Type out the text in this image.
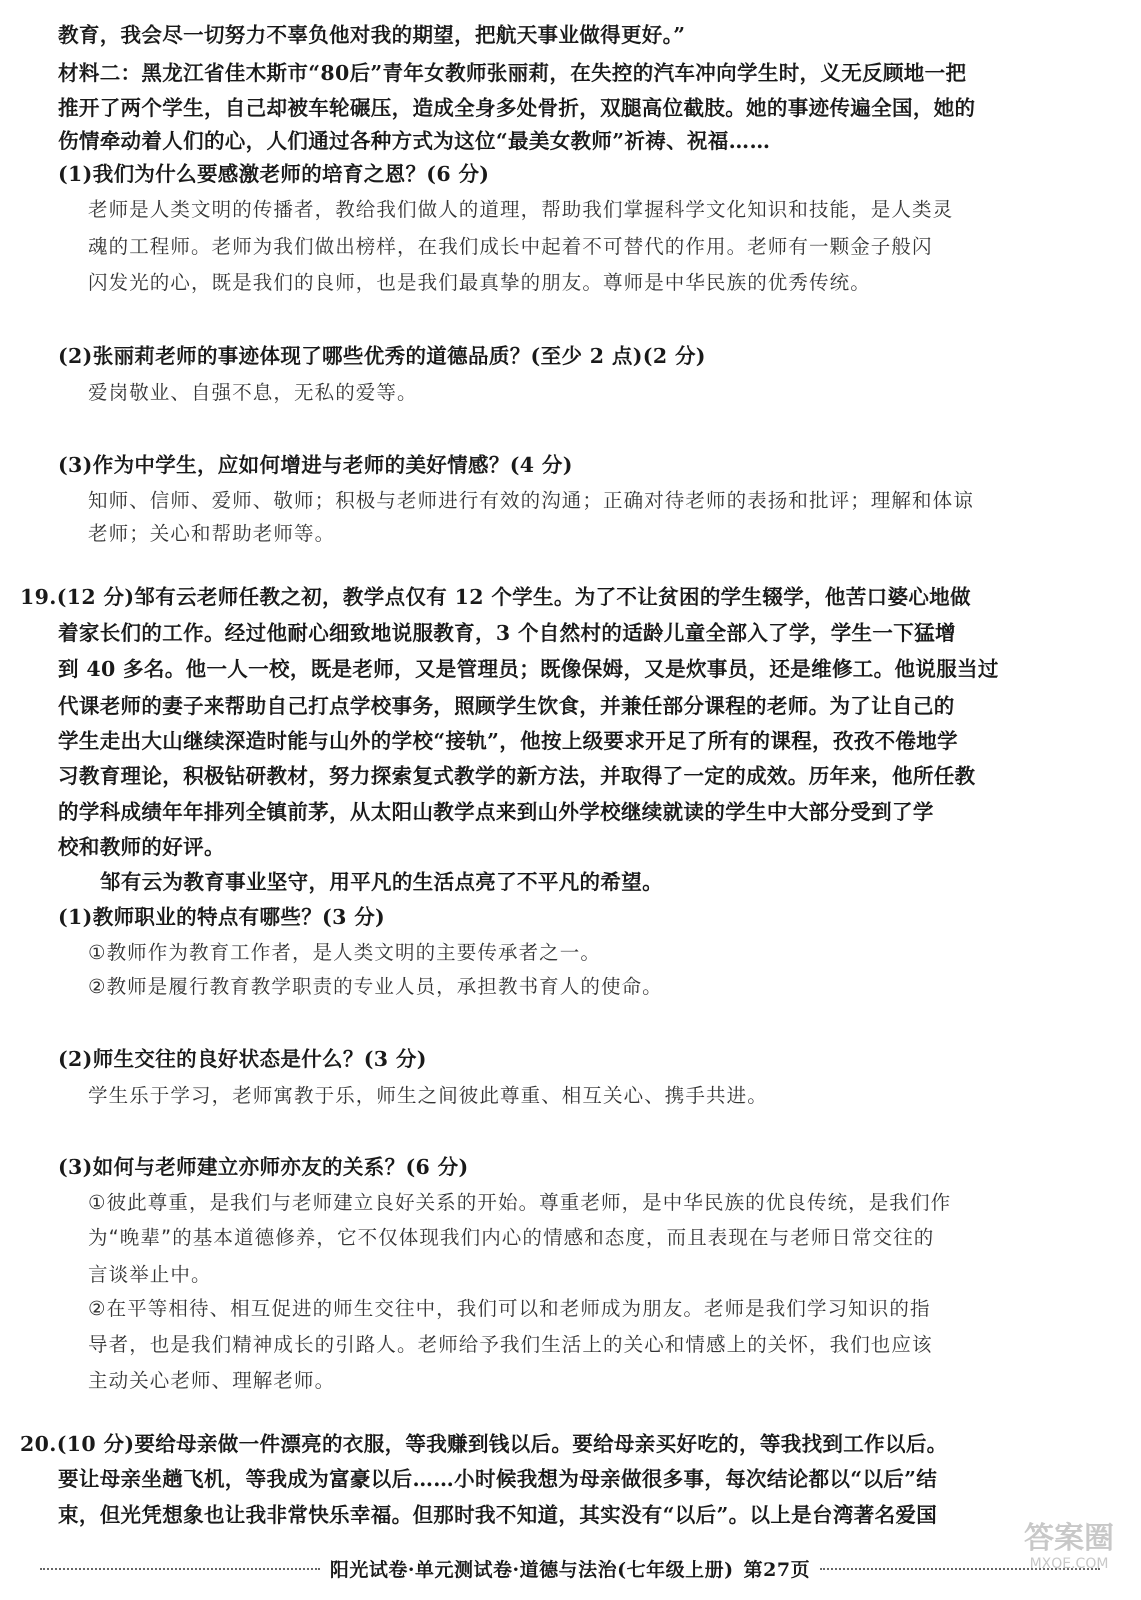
教育，我会尽一切努力不辜负他对我的期望，把航天事业做得更好。”
材料二：黑龙江省佳木斯市“80后”青年女教师张丽莉，在失控的汽车冲向学生时，义无反顾地一把
推开了两个学生，自己却被车轮碾压，造成全身多处骨折，双腿高位截肢。她的事迹传遍全国，她的
伤情牵动着人们的心，人们通过各种方式为这位“最美女教师”祈祷、祝福……
(1)我们为什么要感激老师的培育之恩？(6 分)
老师是人类文明的传播者，教给我们做人的道理，帮助我们掌握科学文化知识和技能，是人类灵
魂的工程师。老师为我们做出榜样，在我们成长中起着不可替代的作用。老师有一颗金子般闪
闪发光的心，既是我们的良师，也是我们最真挚的朋友。尊师是中华民族的优秀传统。
(2)张丽莉老师的事迹体现了哪些优秀的道德品质？(至少 2 点)(2 分)
爱岗敬业、自强不息，无私的爱等。
(3)作为中学生，应如何增进与老师的美好情感？(4 分)
知师、信师、爱师、敬师；积极与老师进行有效的沟通；正确对待老师的表扬和批评；理解和体谅
老师；关心和帮助老师等。
19.(12 分)邹有云老师任教之初，教学点仅有 12 个学生。为了不让贫困的学生辍学，他苦口婆心地做
着家长们的工作。经过他耐心细致地说服教育，3 个自然村的适龄儿童全部入了学，学生一下猛增
到 40 多名。他一人一校，既是老师，又是管理员；既像保姆，又是炊事员，还是维修工。他说服当过
代课老师的妻子来帮助自己打点学校事务，照顾学生饮食，并兼任部分课程的老师。为了让自己的
学生走出大山继续深造时能与山外的学校“接轨”，他按上级要求开足了所有的课程，孜孜不倦地学
习教育理论，积极钻研教材，努力探索复式教学的新方法，并取得了一定的成效。历年来，他所任教
的学科成绩年年排列全镇前茅，从太阳山教学点来到山外学校继续就读的学生中大部分受到了学
校和教师的好评。
邹有云为教育事业坚守，用平凡的生活点亮了不平凡的希望。
(1)教师职业的特点有哪些？(3 分)
①教师作为教育工作者，是人类文明的主要传承者之一。
②教师是履行教育教学职责的专业人员，承担教书育人的使命。
(2)师生交往的良好状态是什么？(3 分)
学生乐于学习，老师寓教于乐，师生之间彼此尊重、相互关心、携手共进。
(3)如何与老师建立亦师亦友的关系？(6 分)
①彼此尊重，是我们与老师建立良好关系的开始。尊重老师，是中华民族的优良传统，是我们作
为“晚辈”的基本道德修养，它不仅体现我们内心的情感和态度，而且表现在与老师日常交往的
言谈举止中。
②在平等相待、相互促进的师生交往中，我们可以和老师成为朋友。老师是我们学习知识的指
导者，也是我们精神成长的引路人。老师给予我们生活上的关心和情感上的关怀，我们也应该
主动关心老师、理解老师。
20.(10 分)要给母亲做一件漂亮的衣服，等我赚到钱以后。要给母亲买好吃的，等我找到工作以后。
要让母亲坐趟飞机，等我成为富豪以后……小时候我想为母亲做很多事，每次结论都以“以后”结
束，但光凭想象也让我非常快乐幸福。但那时我不知道，其实没有“以后”。以上是台湾著名爱国
阳光试卷·单元测试卷·道德与法治(七年级上册) 第27页
答案圈
MXQE.COM
